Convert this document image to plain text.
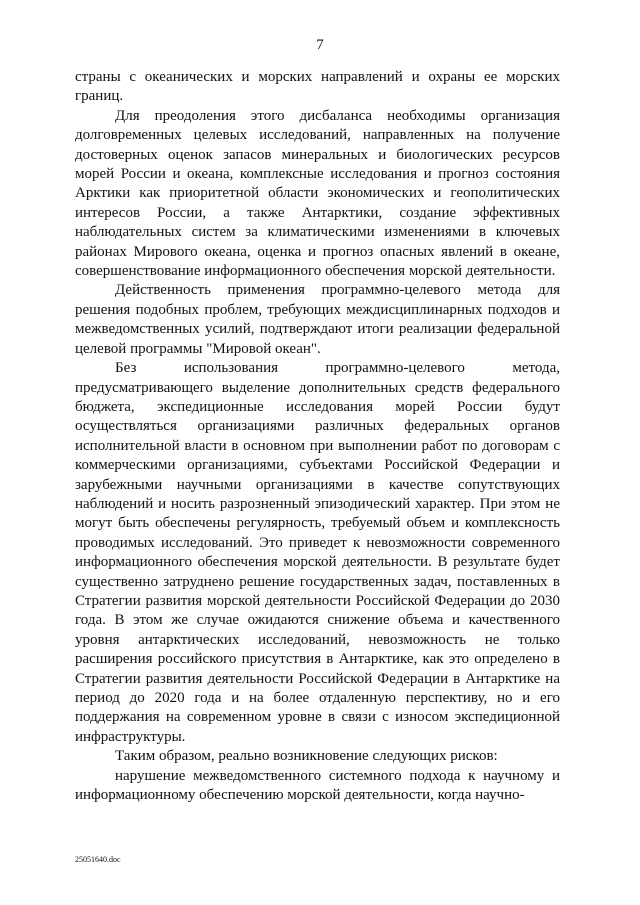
7

страны с океанических и морских направлений и охраны ее морских границ.

Для преодоления этого дисбаланса необходимы организация долговременных целевых исследований, направленных на получение достоверных оценок запасов минеральных и биологических ресурсов морей России и океана, комплексные исследования и прогноз состояния Арктики как приоритетной области экономических и геополитических интересов России, а также Антарктики, создание эффективных наблюдательных систем за климатическими изменениями в ключевых районах Мирового океана, оценка и прогноз опасных явлений в океане, совершенствование информационного обеспечения морской деятельности.

Действенность применения программно-целевого метода для решения подобных проблем, требующих междисциплинарных подходов и межведомственных усилий, подтверждают итоги реализации федеральной целевой программы "Мировой океан".

Без использования программно-целевого метода, предусматривающего выделение дополнительных средств федерального бюджета, экспедиционные исследования морей России будут осуществляться организациями различных федеральных органов исполнительной власти в основном при выполнении работ по договорам с коммерческими организациями, субъектами Российской Федерации и зарубежными научными организациями в качестве сопутствующих наблюдений и носить разрозненный эпизодический характер. При этом не могут быть обеспечены регулярность, требуемый объем и комплексность проводимых исследований. Это приведет к невозможности современного информационного обеспечения морской деятельности. В результате будет существенно затруднено решение государственных задач, поставленных в Стратегии развития морской деятельности Российской Федерации до 2030 года. В этом же случае ожидаются снижение объема и качественного уровня антарктических исследований, невозможность не только расширения российского присутствия в Антарктике, как это определено в Стратегии развития деятельности Российской Федерации в Антарктике на период до 2020 года и на более отдаленную перспективу, но и его поддержания на современном уровне в связи с износом экспедиционной инфраструктуры.

Таким образом, реально возникновение следующих рисков:

нарушение межведомственного системного подхода к научному и информационному обеспечению морской деятельности, когда научно-

25051640.doc
